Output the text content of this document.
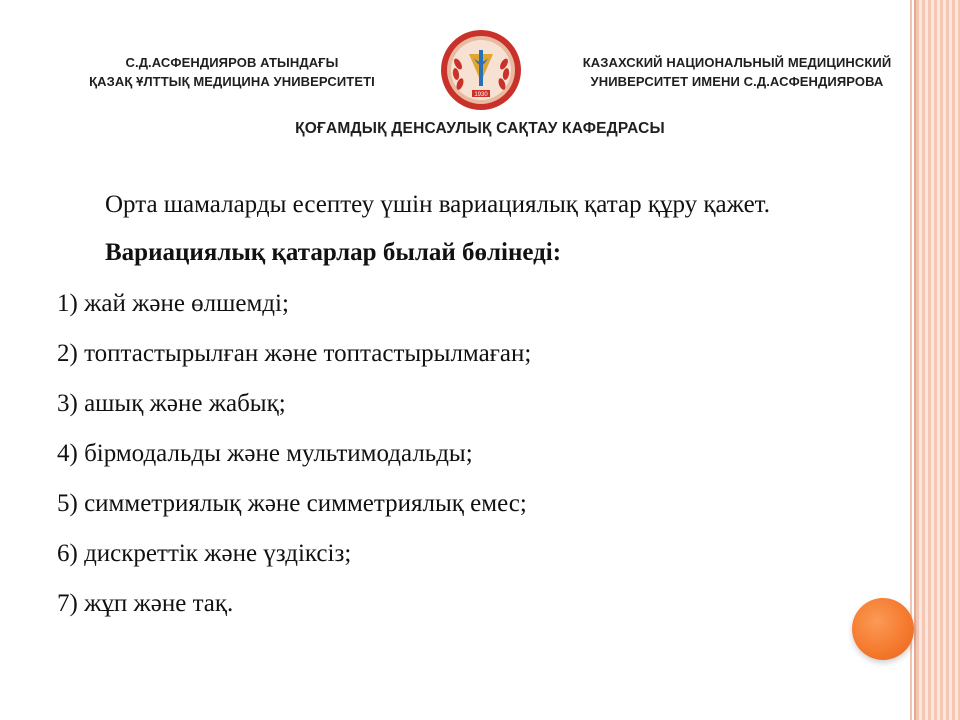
С.Д.АСФЕНДИЯРОВ АТЫНДАҒЫ
ҚАЗАҚ ҰЛТТЫҚ МЕДИЦИНА УНИВЕРСИТЕТІ
1930
КАЗАХСКИЙ НАЦИОНАЛЬНЫЙ МЕДИЦИНСКИЙ
УНИВЕРСИТЕТ ИМЕНИ С.Д.АСФЕНДИЯРОВА
ҚОҒАМДЫҚ ДЕНСАУЛЫҚ САҚТАУ КАФЕДРАСЫ

Орта шамаларды есептеу үшін вариациялық қатар құру қажет.

Вариациялық қатарлар былай бөлінеді:

1) жай және өлшемді;

2) топтастырылған және топтастырылмаған;

3) ашық және жабық;

4) бірмодальды және мультимодальды;

5) симметриялық және симметриялық емес;

6) дискреттік және үздіксіз;

7) жұп және тақ.
